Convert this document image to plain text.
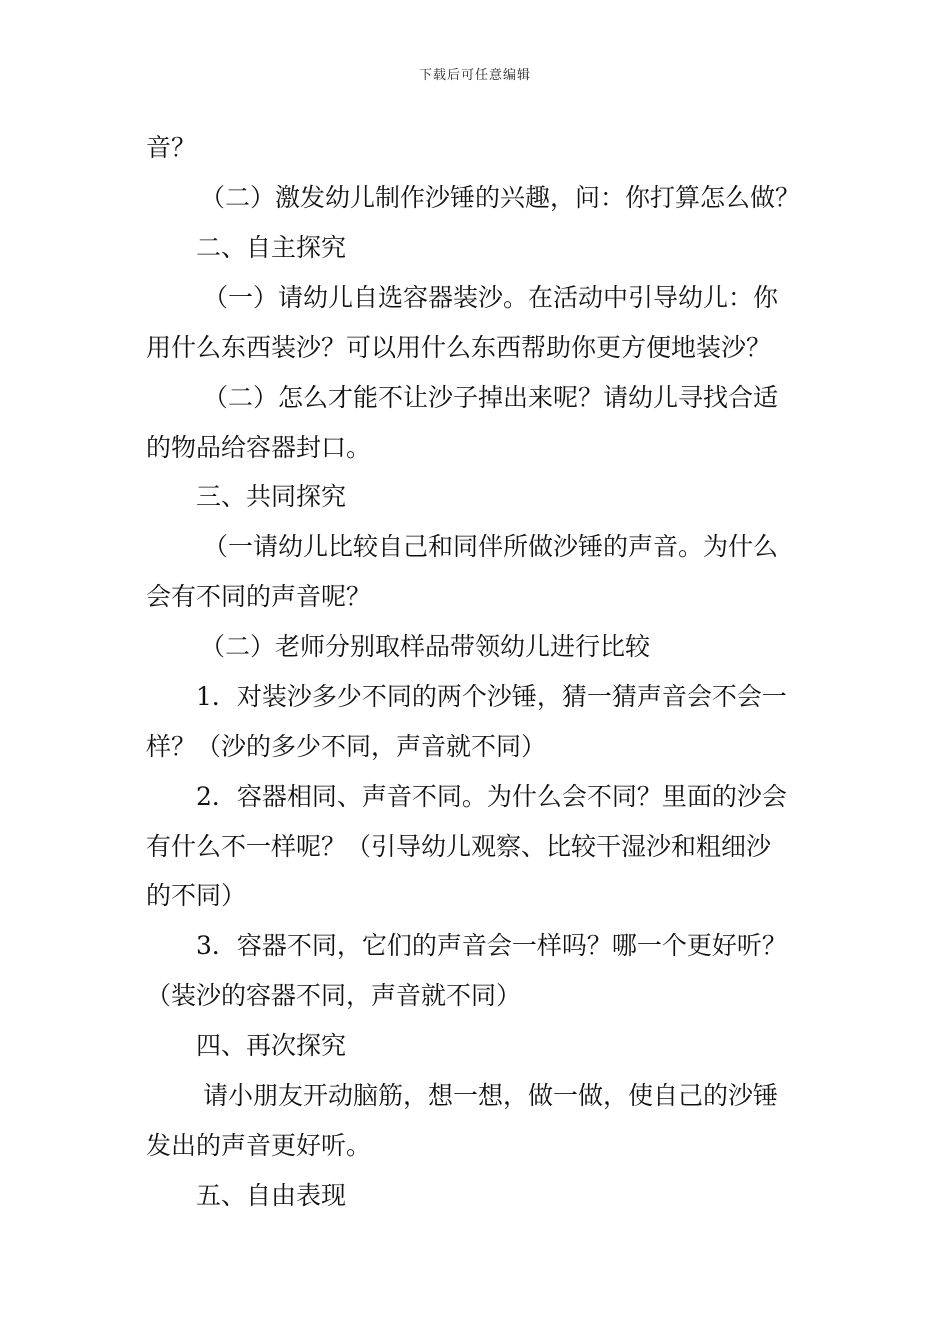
下载后可任意编辑
音？
（二）激发幼儿制作沙锤的兴趣，问：你打算怎么做？
二、自主探究
（一）请幼儿自选容器装沙。在活动中引导幼儿：你
用什么东西装沙？可以用什么东西帮助你更方便地装沙？
（二）怎么才能不让沙子掉出来呢？请幼儿寻找合适
的物品给容器封口。
三、共同探究
（一请幼儿比较自己和同伴所做沙锤的声音。为什么
会有不同的声音呢？
（二）老师分别取样品带领幼儿进行比较
1．对装沙多少不同的两个沙锤，猜一猜声音会不会一
样？（沙的多少不同，声音就不同）
2．容器相同、声音不同。为什么会不同？里面的沙会
有什么不一样呢？（引导幼儿观察、比较干湿沙和粗细沙
的不同）
3．容器不同，它们的声音会一样吗？哪一个更好听？
（装沙的容器不同，声音就不同）
四、再次探究
请小朋友开动脑筋，想一想，做一做，使自己的沙锤
发出的声音更好听。
五、自由表现
